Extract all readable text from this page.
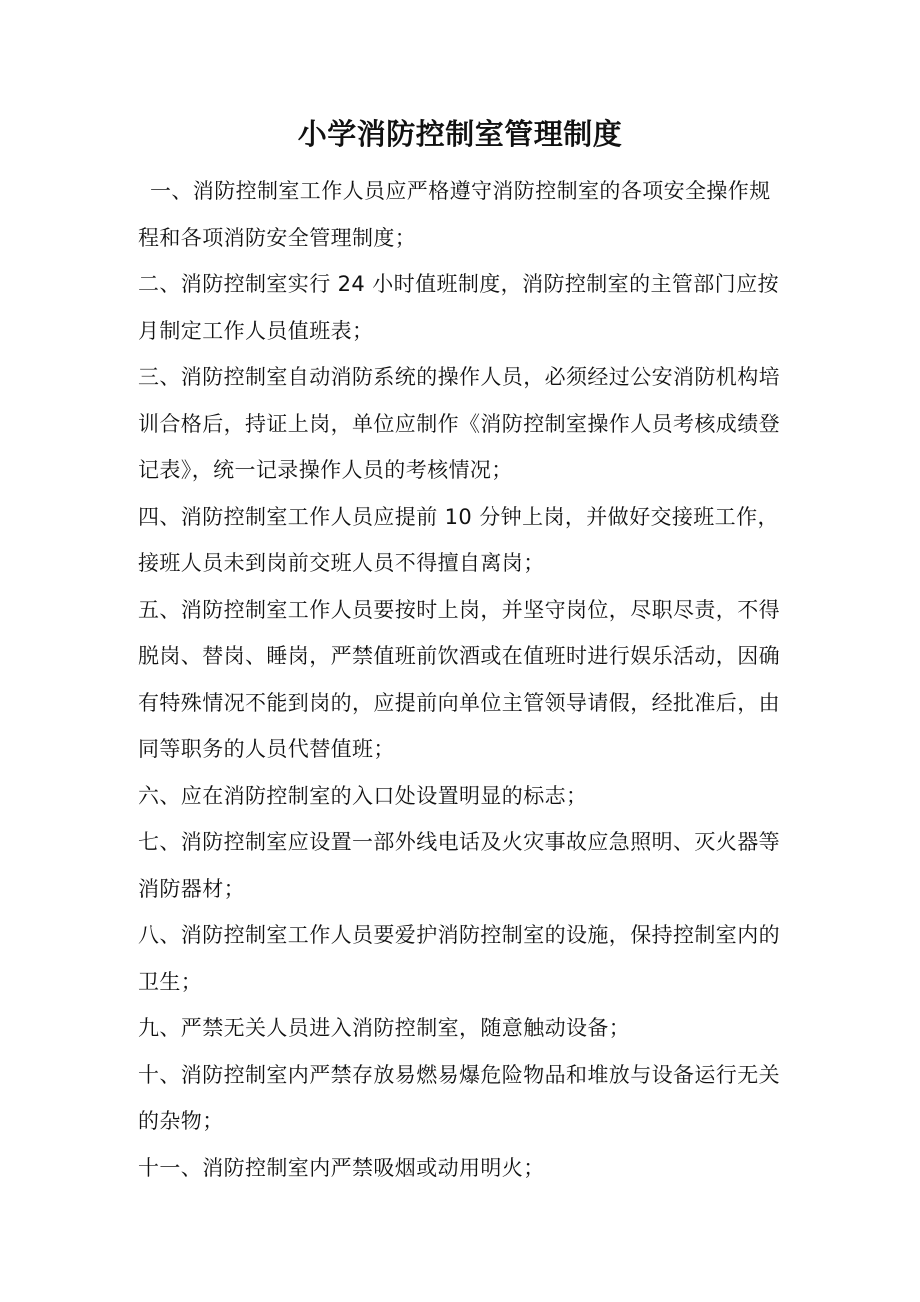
小学消防控制室管理制度
一、消防控制室工作人员应严格遵守消防控制室的各项安全操作规
程和各项消防安全管理制度；
二、消防控制室实行 24 小时值班制度，消防控制室的主管部门应按
月制定工作人员值班表；
三、消防控制室自动消防系统的操作人员，必须经过公安消防机构培
训合格后，持证上岗，单位应制作《消防控制室操作人员考核成绩登
记表》，统一记录操作人员的考核情况；
四、消防控制室工作人员应提前 10 分钟上岗，并做好交接班工作，
接班人员未到岗前交班人员不得擅自离岗；
五、消防控制室工作人员要按时上岗，并坚守岗位，尽职尽责，不得
脱岗、替岗、睡岗，严禁值班前饮酒或在值班时进行娱乐活动，因确
有特殊情况不能到岗的，应提前向单位主管领导请假，经批准后，由
同等职务的人员代替值班；
六、应在消防控制室的入口处设置明显的标志；
七、消防控制室应设置一部外线电话及火灾事故应急照明、灭火器等
消防器材；
八、消防控制室工作人员要爱护消防控制室的设施，保持控制室内的
卫生；
九、严禁无关人员进入消防控制室，随意触动设备；
十、消防控制室内严禁存放易燃易爆危险物品和堆放与设备运行无关
的杂物；
十一、消防控制室内严禁吸烟或动用明火；
